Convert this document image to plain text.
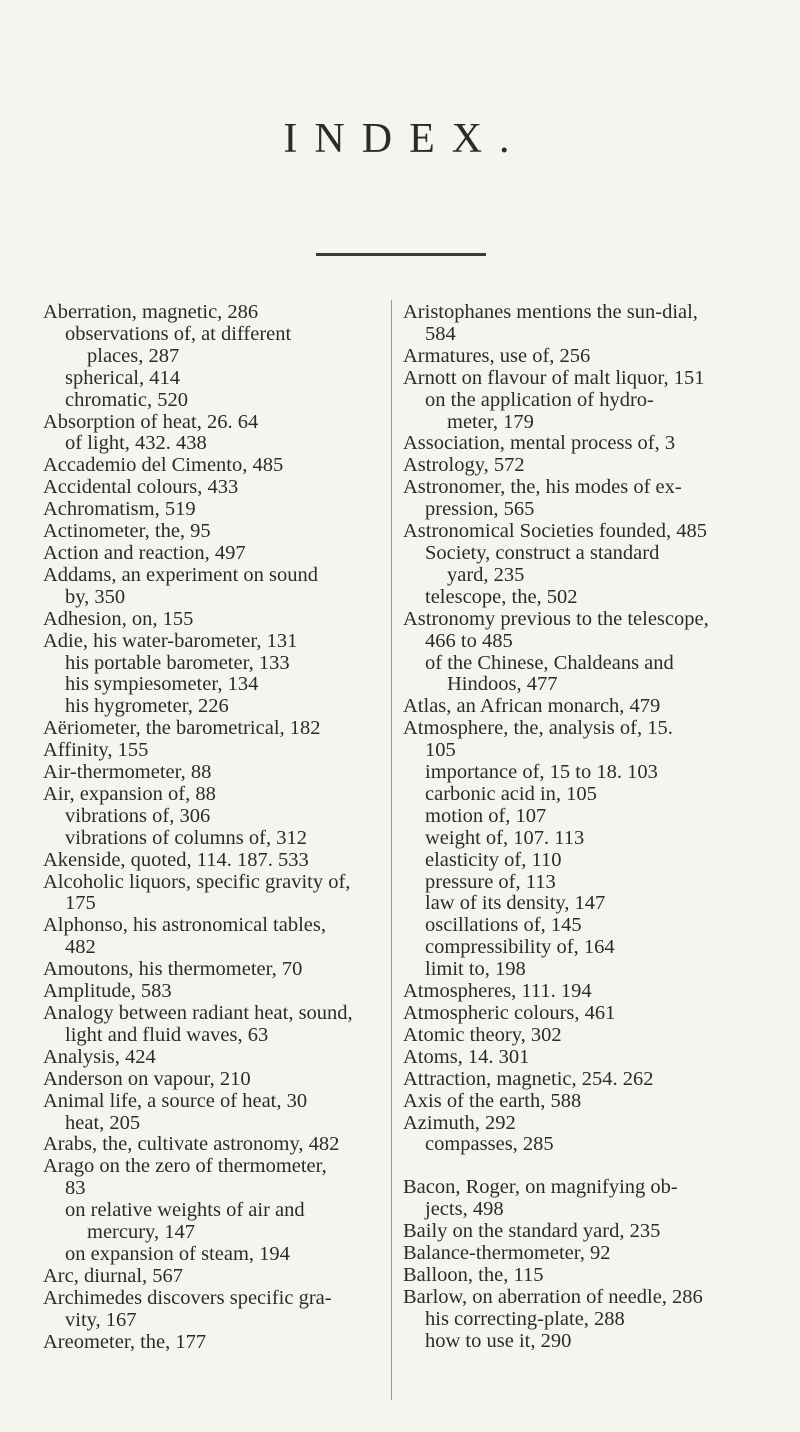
INDEX.
Aberration, magnetic, 286
observations of, at different
places, 287
spherical, 414
chromatic, 520
Absorption of heat, 26. 64
of light, 432. 438
Accademio del Cimento, 485
Accidental colours, 433
Achromatism, 519
Actinometer, the, 95
Action and reaction, 497
Addams, an experiment on sound
by, 350
Adhesion, on, 155
Adie, his water-barometer, 131
his portable barometer, 133
his sympiesometer, 134
his hygrometer, 226
Aëriometer, the barometrical, 182
Affinity, 155
Air-thermometer, 88
Air, expansion of, 88
vibrations of, 306
vibrations of columns of, 312
Akenside, quoted, 114. 187. 533
Alcoholic liquors, specific gravity of,
175
Alphonso, his astronomical tables,
482
Amoutons, his thermometer, 70
Amplitude, 583
Analogy between radiant heat, sound,
light and fluid waves, 63
Analysis, 424
Anderson on vapour, 210
Animal life, a source of heat, 30
heat, 205
Arabs, the, cultivate astronomy, 482
Arago on the zero of thermometer,
83
on relative weights of air and
mercury, 147
on expansion of steam, 194
Arc, diurnal, 567
Archimedes discovers specific gra-
vity, 167
Areometer, the, 177
Aristophanes mentions the sun-dial,
584
Armatures, use of, 256
Arnott on flavour of malt liquor, 151
on the application of hydro-
meter, 179
Association, mental process of, 3
Astrology, 572
Astronomer, the, his modes of ex-
pression, 565
Astronomical Societies founded, 485
Society, construct a standard
yard, 235
telescope, the, 502
Astronomy previous to the telescope,
466 to 485
of the Chinese, Chaldeans and
Hindoos, 477
Atlas, an African monarch, 479
Atmosphere, the, analysis of, 15.
105
importance of, 15 to 18. 103
carbonic acid in, 105
motion of, 107
weight of, 107. 113
elasticity of, 110
pressure of, 113
law of its density, 147
oscillations of, 145
compressibility of, 164
limit to, 198
Atmospheres, 111. 194
Atmospheric colours, 461
Atomic theory, 302
Atoms, 14. 301
Attraction, magnetic, 254. 262
Axis of the earth, 588
Azimuth, 292
compasses, 285
Bacon, Roger, on magnifying ob-
jects, 498
Baily on the standard yard, 235
Balance-thermometer, 92
Balloon, the, 115
Barlow, on aberration of needle, 286
his correcting-plate, 288
how to use it, 290
